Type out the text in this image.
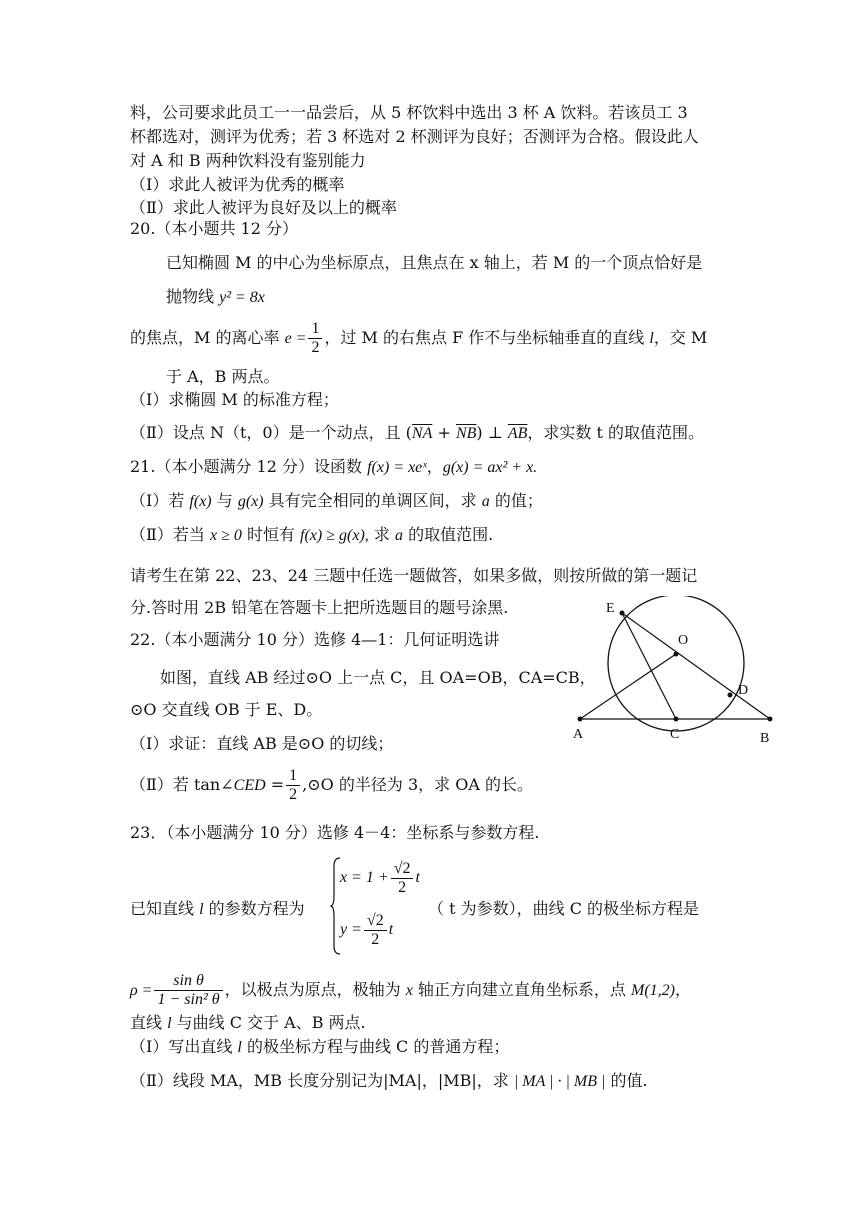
料，公司要求此员工一一品尝后，从 5 杯饮料中选出 3 杯 A 饮料。若该员工 3
杯都选对，测评为优秀；若 3 杯选对 2 杯测评为良好；否测评为合格。假设此人
对 A 和 B 两种饮料没有鉴别能力
（Ⅰ）求此人被评为优秀的概率
（Ⅱ）求此人被评为良好及以上的概率
20.（本小题共 12 分）
已知椭圆 M 的中心为坐标原点，且焦点在 x 轴上，若 M 的一个顶点恰好是
抛物线 y² = 8x
的焦点，M 的离心率 $e = \frac{1}{2}$ ，过 M 的右焦点 F 作不与坐标轴垂直的直线 l，交 M
于 A，B 两点。
（Ⅰ）求椭圆 M 的标准方程；
（Ⅱ）设点 N（t，0）是一个动点，且 $(\overline{NA} + \overline{NB})$ ⊥ $\overline{AB}$，求实数 t 的取值范围。
21.（本小题满分 12 分）设函数 f(x) = xeˣ，g(x) = ax² + x.
（Ⅰ）若 f(x) 与 g(x) 具有完全相同的单调区间，求 a 的值；
（Ⅱ）若当 x ≥ 0 时恒有 f(x) ≥ g(x), 求 a 的取值范围.
请考生在第 22、23、24 三题中任选一题做答，如果多做，则按所做的第一题记
分.答时用 2B 铅笔在答题卡上把所选题目的题号涂黑.
22.（本小题满分 10 分）选修 4—1：几何证明选讲
如图，直线 AB 经过⊙O 上一点 C，且 OA=OB，CA=CB，
⊙O 交直线 OB 于 E、D。
（Ⅰ）求证：直线 AB 是⊙O 的切线；
（Ⅱ）若 tan∠CED = $\frac{1}{2}$ ,⊙O 的半径为 3，求 OA 的长。
E
O
D
A	C	B
23．（本小题满分 10 分）选修 4－4：坐标系与参数方程.
已知直线 l 的参数方程为
$x = 1 + \frac{√2}{2}$ t
$y = \frac{√2}{2}$ t
（ t 为参数），曲线 C 的极坐标方程是
$\rho = \frac{\text{sin θ}}{\text{1 − sin² θ}}$ ，以极点为原点，极轴为 x 轴正方向建立直角坐标系，点 M(1,2)，
直线 l 与曲线 C 交于 A、B 两点.
（Ⅰ）写出直线 l 的极坐标方程与曲线 C 的普通方程；
（Ⅱ）线段 MA，MB 长度分别记为|MA|，|MB|，求 | MA | · | MB | 的值.
